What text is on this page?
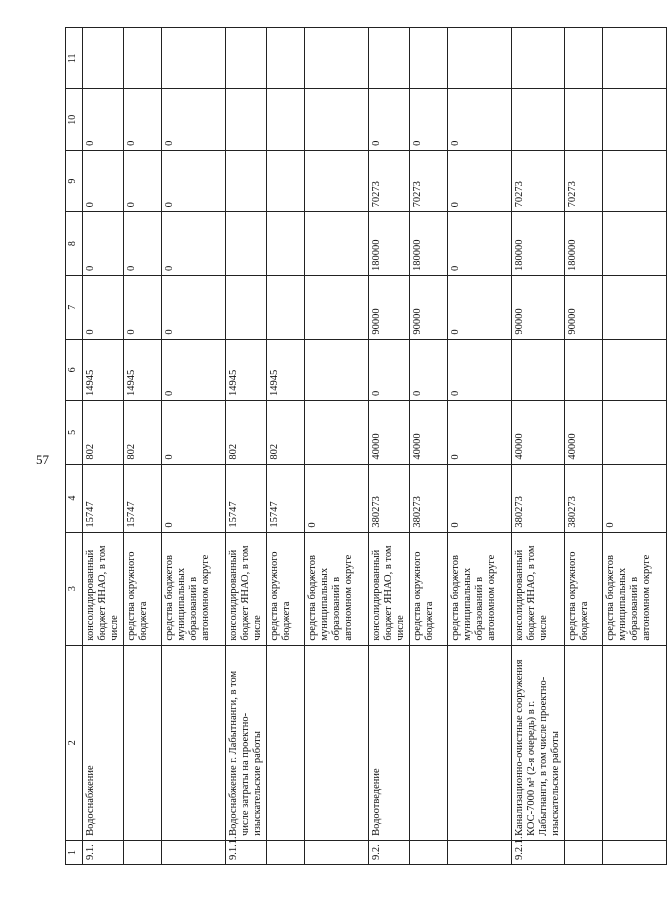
57
1	2	3	4	5	6	7	8	9	10	11
9.1.	Водоснабжение	консолидированный бюджет ЯНАО, в том числе	15747	802	14945	0	0	0	0	
		средства окружного бюджета	15747	802	14945	0	0	0	0	
		средства бюджетов муниципальных образований в автономном округе	0	0	0	0	0	0	0	
9.1.1.	Водоснабжение г. Лабытнанги, в том числе затраты на проектно-изыскательские работы	консолидированный бюджет ЯНАО, в том числе	15747	802	14945					
		средства окружного бюджета	15747	802	14945					
		средства бюджетов муниципальных образований в автономном округе	0							
9.2.	Водоотведение	консолидированный бюджет ЯНАО, в том числе	380273	40000	0	90000	180000	70273	0	
		средства окружного бюджета	380273	40000	0	90000	180000	70273	0	
		средства бюджетов муниципальных образований в автономном округе	0	0	0	0	0	0	0	
9.2.1.	Канализационно-очистные сооружения КОС-7000 м³ (2-я очередь) в г. Лабытнанги, в том числе проектно-изыскательские работы	консолидированный бюджет ЯНАО, в том числе	380273	40000		90000	180000	70273		
		средства окружного бюджета	380273	40000		90000	180000	70273		
		средства бюджетов муниципальных образований в автономном округе	0							
